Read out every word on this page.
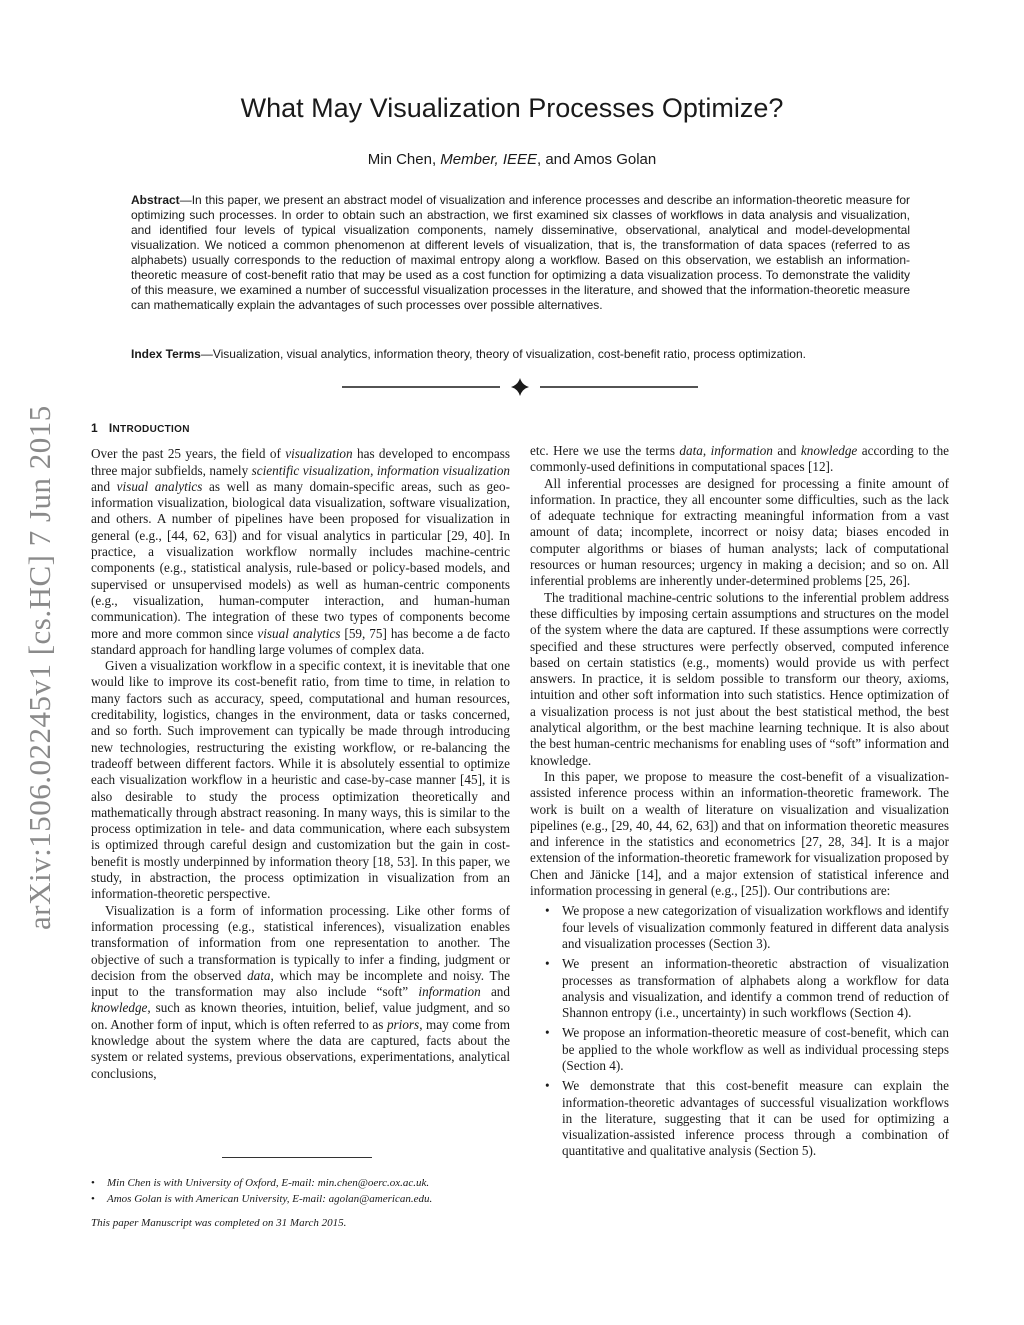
arXiv:1506.02245v1 [cs.HC] 7 Jun 2015
What May Visualization Processes Optimize?
Min Chen, Member, IEEE, and Amos Golan

Abstract—In this paper, we present an abstract model of visualization and inference processes and describe an information-theoretic measure for optimizing such processes. In order to obtain such an abstraction, we first examined six classes of workflows in data analysis and visualization, and identified four levels of typical visualization components, namely disseminative, observational, analytical and model-developmental visualization. We noticed a common phenomenon at different levels of visualization, that is, the transformation of data spaces (referred to as alphabets) usually corresponds to the reduction of maximal entropy along a workflow. Based on this observation, we establish an information-theoretic measure of cost-benefit ratio that may be used as a cost function for optimizing a data visualization process. To demonstrate the validity of this measure, we examined a number of successful visualization processes in the literature, and showed that the information-theoretic measure can mathematically explain the advantages of such processes over possible alternatives.

Index Terms—Visualization, visual analytics, information theory, theory of visualization, cost-benefit ratio, process optimization.

1 INTRODUCTION

Over the past 25 years, the field of visualization has developed to encompass three major subfields, namely scientific visualization, information visualization and visual analytics as well as many domain-specific areas, such as geo-information visualization, biological data visualization, software visualization, and others. A number of pipelines have been proposed for visualization in general (e.g., [44, 62, 63]) and for visual analytics in particular [29, 40]. In practice, a visualization workflow normally includes machine-centric components (e.g., statistical analysis, rule-based or policy-based models, and supervised or unsupervised models) as well as human-centric components (e.g., visualization, human-computer interaction, and human-human communication). The integration of these two types of components become more and more common since visual analytics [59, 75] has become a de facto standard approach for handling large volumes of complex data.

Given a visualization workflow in a specific context, it is inevitable that one would like to improve its cost-benefit ratio, from time to time, in relation to many factors such as accuracy, speed, computational and human resources, creditability, logistics, changes in the environment, data or tasks concerned, and so forth. Such improvement can typically be made through introducing new technologies, restructuring the existing workflow, or re-balancing the tradeoff between different factors. While it is absolutely essential to optimize each visualization workflow in a heuristic and case-by-case manner [45], it is also desirable to study the process optimization theoretically and mathematically through abstract reasoning. In many ways, this is similar to the process optimization in tele- and data communication, where each subsystem is optimized through careful design and customization but the gain in cost-benefit is mostly underpinned by information theory [18, 53]. In this paper, we study, in abstraction, the process optimization in visualization from an information-theoretic perspective.

Visualization is a form of information processing. Like other forms of information processing (e.g., statistical inferences), visualization enables transformation of information from one representation to another. The objective of such a transformation is typically to infer a finding, judgment or decision from the observed data, which may be incomplete and noisy. The input to the transformation may also include “soft” information and knowledge, such as known theories, intuition, belief, value judgment, and so on. Another form of input, which is often referred to as priors, may come from knowledge about the system where the data are captured, facts about the system or related systems, previous observations, experimentations, analytical conclusions,

• Min Chen is with University of Oxford, E-mail: min.chen@oerc.ox.ac.uk.
• Amos Golan is with American University, E-mail: agolan@american.edu.
This paper Manuscript was completed on 31 March 2015.

etc. Here we use the terms data, information and knowledge according to the commonly-used definitions in computational spaces [12].

All inferential processes are designed for processing a finite amount of information. In practice, they all encounter some difficulties, such as the lack of adequate technique for extracting meaningful information from a vast amount of data; incomplete, incorrect or noisy data; biases encoded in computer algorithms or biases of human analysts; lack of computational resources or human resources; urgency in making a decision; and so on. All inferential problems are inherently under-determined problems [25, 26].

The traditional machine-centric solutions to the inferential problem address these difficulties by imposing certain assumptions and structures on the model of the system where the data are captured. If these assumptions were correctly specified and these structures were perfectly observed, computed inference based on certain statistics (e.g., moments) would provide us with perfect answers. In practice, it is seldom possible to transform our theory, axioms, intuition and other soft information into such statistics. Hence optimization of a visualization process is not just about the best statistical method, the best analytical algorithm, or the best machine learning technique. It is also about the best human-centric mechanisms for enabling uses of “soft” information and knowledge.

In this paper, we propose to measure the cost-benefit of a visualization-assisted inference process within an information-theoretic framework. The work is built on a wealth of literature on visualization and visualization pipelines (e.g., [29, 40, 44, 62, 63]) and that on information theoretic measures and inference in the statistics and econometrics [27, 28, 34]. It is a major extension of the information-theoretic framework for visualization proposed by Chen and Jänicke [14], and a major extension of statistical inference and information processing in general (e.g., [25]). Our contributions are:

• We propose a new categorization of visualization workflows and identify four levels of visualization commonly featured in different data analysis and visualization processes (Section 3).
• We present an information-theoretic abstraction of visualization processes as transformation of alphabets along a workflow for data analysis and visualization, and identify a common trend of reduction of Shannon entropy (i.e., uncertainty) in such workflows (Section 4).
• We propose an information-theoretic measure of cost-benefit, which can be applied to the whole workflow as well as individual processing steps (Section 4).
• We demonstrate that this cost-benefit measure can explain the information-theoretic advantages of successful visualization workflows in the literature, suggesting that it can be used for optimizing a visualization-assisted inference process through a combination of quantitative and qualitative analysis (Section 5).
